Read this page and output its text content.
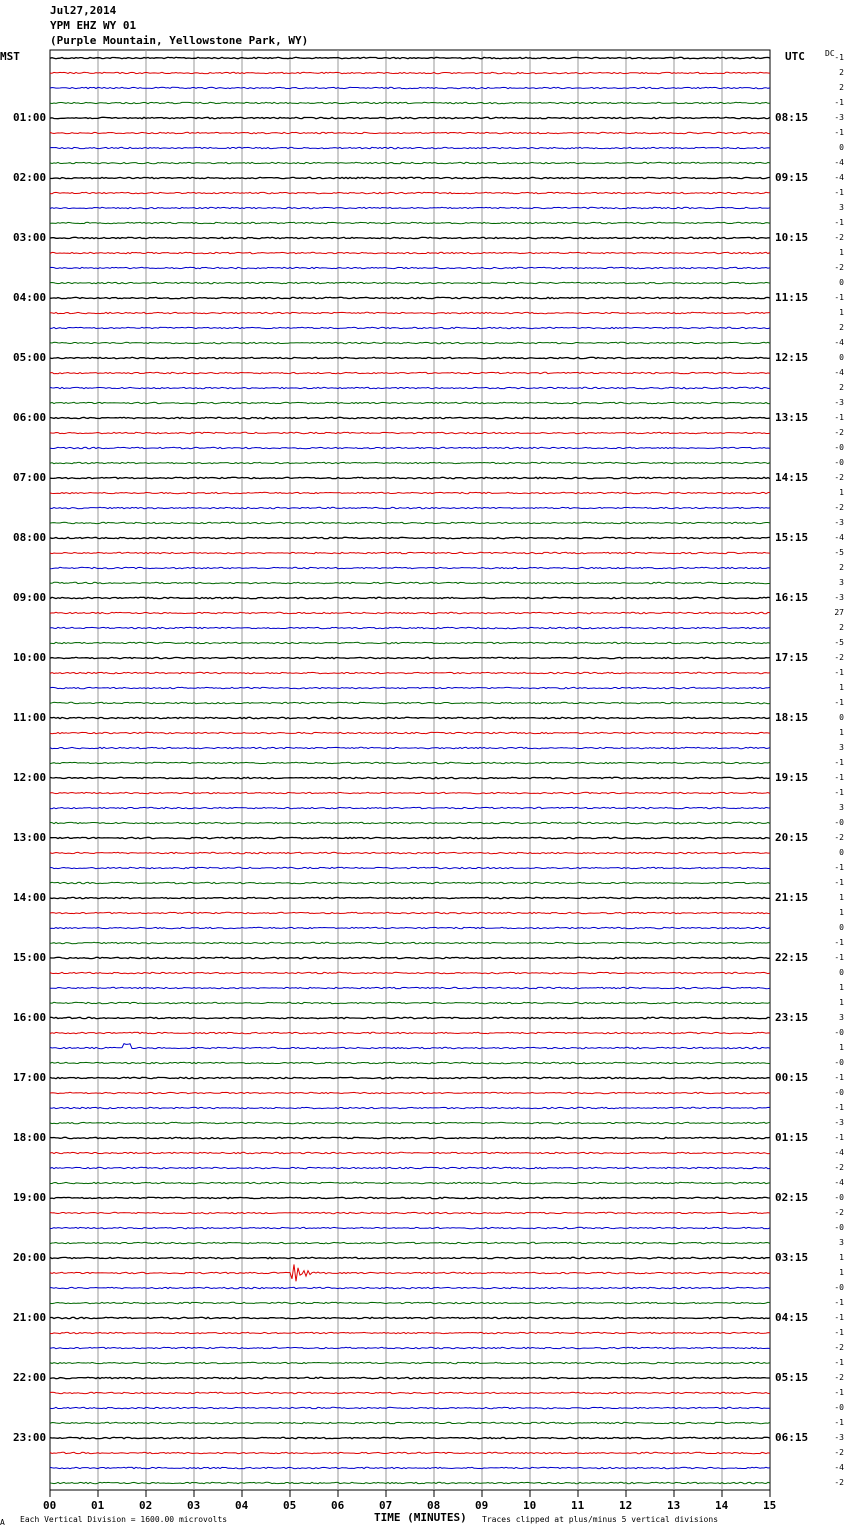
Jul27,2014
YPM EHZ WY 01
(Purple Mountain, Yellowstone Park, WY)
MST	UTC	DC
01:00
02:00
03:00
04:00
05:00
06:00
07:00
08:00
09:00
10:00
11:00
12:00
13:00
14:00
15:00
16:00
17:00
18:00
19:00
20:00
21:00
22:00
23:00
08:15
09:15
10:15
11:15
12:15
13:15
14:15
15:15
16:15
17:15
18:15
19:15
20:15
21:15
22:15
23:15
00:15
01:15
02:15
03:15
04:15
05:15
06:15
-1
2
2
-1
-3
-1
0
-4
-4
-1
3
-1
-2
1
-2
0
-1
1
2
-4
0
-4
2
-3
-1
-2
-0
-0
-2
1
-2
-3
-4
-5
2
3
-3
27
2
-5
-2
-1
1
-1
0
1
3
-1
-1
-1
3
-0
-2
0
-1
-1
1
1
0
-1
-1
0
1
1
3
-0
1
-0
-1
-0
-1
-3
-1
-4
-2
-4
-0
-2
-0
3
1
1
-0
-1
-1
-1
-2
-1
-2
-1
-0
-1
-3
-2
-4
-2
00	01	02	03	04	05	06	07	08	09	10	11	12	13	14	15
A Each Vertical Division = 1600.00 microvolts	TIME (MINUTES) Traces clipped at plus/minus 5 vertical divisions
